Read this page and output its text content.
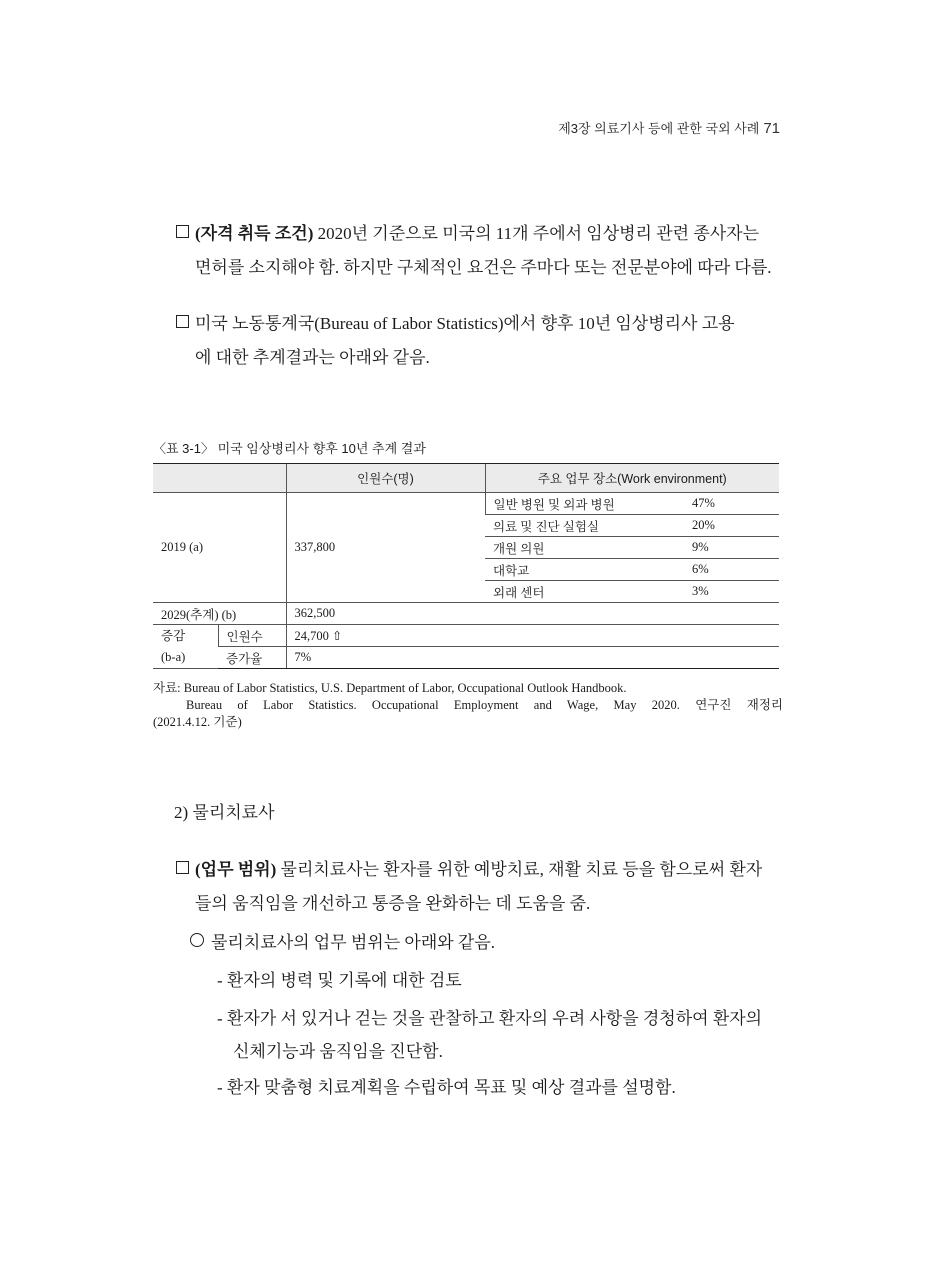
제3장 의료기사 등에 관한 국외 사례 71
(자격 취득 조건) 2020년 기준으로 미국의 11개 주에서 임상병리 관련 종사자는
면허를 소지해야 함. 하지만 구체적인 요건은 주마다 또는 전문분야에 따라 다름.
미국 노동통계국(Bureau of Labor Statistics)에서 향후 10년 임상병리사 고용
에 대한 추계결과는 아래와 같음.
〈표 3-1〉 미국 임상병리사 향후 10년 추계 결과
		인원수(명)	주요 업무 장소(Work environment)	
2019 (a)		337,800	일반 병원 및 외과 병원	47%
			의료 및 진단 실험실	20%
			개원 의원	9%
			대학교	6%
			외래 센터	3%
2029(추계) (b)		362,500		
증감
(b-a)	인원수	24,700 ⇧		
	증가율	7%		
자료: Bureau of Labor Statistics, U.S. Department of Labor, Occupational Outlook Handbook.
Bureau of Labor Statistics. Occupational Employment and Wage, May 2020. 연구진 재정리
(2021.4.12. 기준)
2) 물리치료사
(업무 범위) 물리치료사는 환자를 위한 예방치료, 재활 치료 등을 함으로써 환자
들의 움직임을 개선하고 통증을 완화하는 데 도움을 줌.
물리치료사의 업무 범위는 아래와 같음.
- 환자의 병력 및 기록에 대한 검토
- 환자가 서 있거나 걷는 것을 관찰하고 환자의 우려 사항을 경청하여 환자의
신체기능과 움직임을 진단함.
- 환자 맞춤형 치료계획을 수립하여 목표 및 예상 결과를 설명함.
